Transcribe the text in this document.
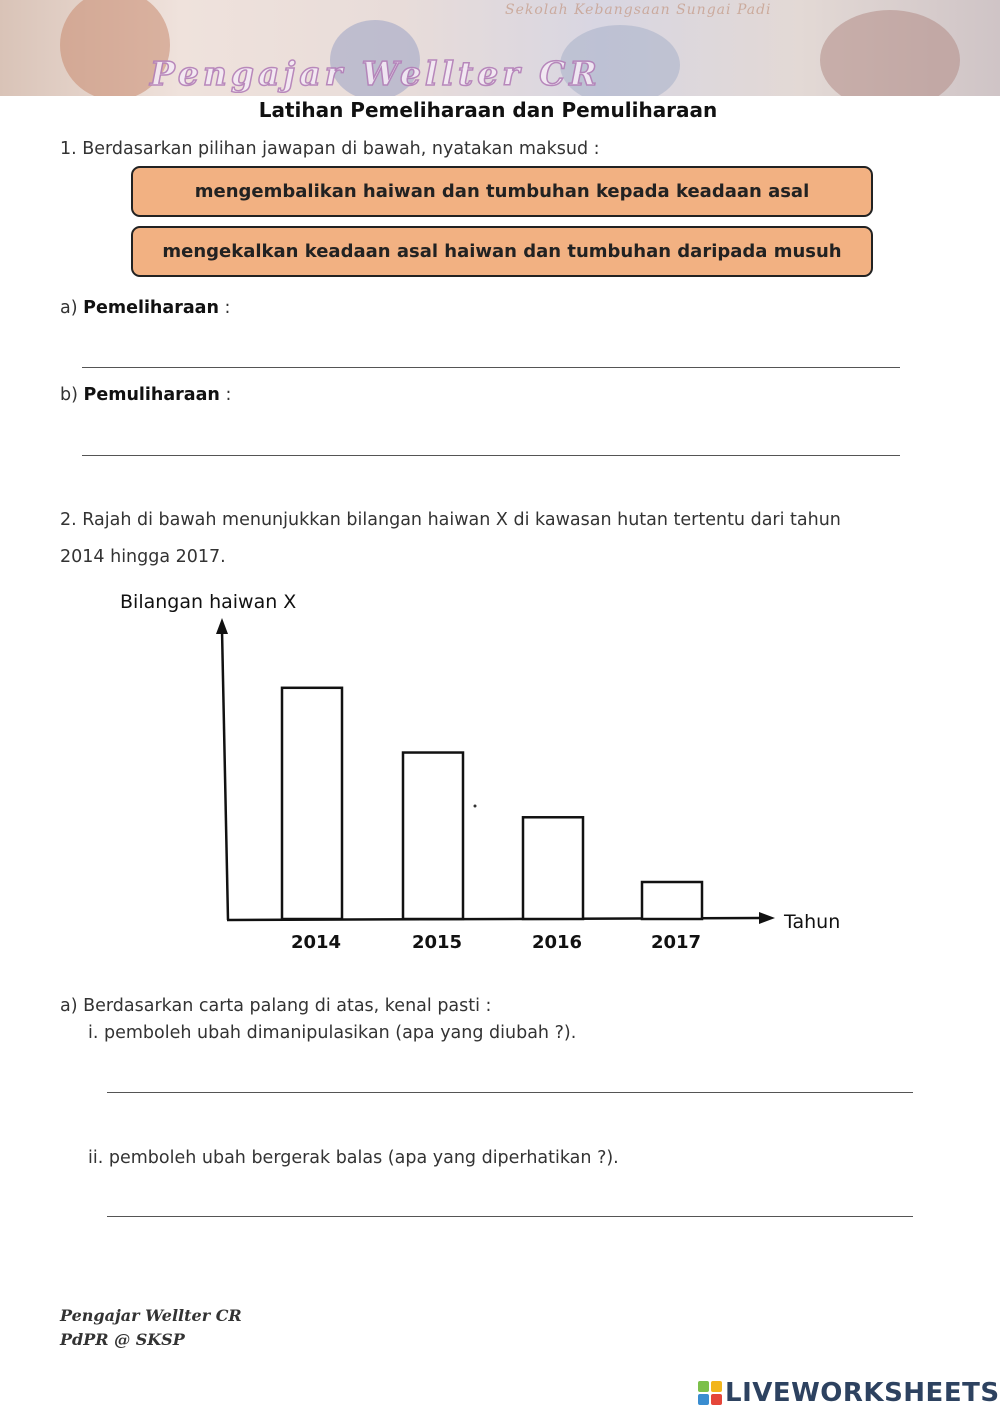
Sekolah Kebangsaan Sungai Padi
Pengajar Wellter CR
Latihan Pemeliharaan dan Pemuliharaan
1. Berdasarkan pilihan jawapan di bawah, nyatakan maksud :
mengembalikan haiwan dan tumbuhan kepada keadaan asal
mengekalkan keadaan asal haiwan dan tumbuhan daripada musuh
a) Pemeliharaan :
b) Pemuliharaan :
2. Rajah di bawah menunjukkan bilangan haiwan X di kawasan hutan tertentu dari tahun
2014 hingga 2017.
Bilangan haiwan X
Tahun
2014	2015	2016	2017
a) Berdasarkan carta palang di atas, kenal pasti :
i. pemboleh ubah dimanipulasikan (apa yang diubah ?).
ii. pemboleh ubah bergerak balas (apa yang diperhatikan ?).
Pengajar Wellter CR
PdPR @ SKSP
LIVEWORKSHEETS
